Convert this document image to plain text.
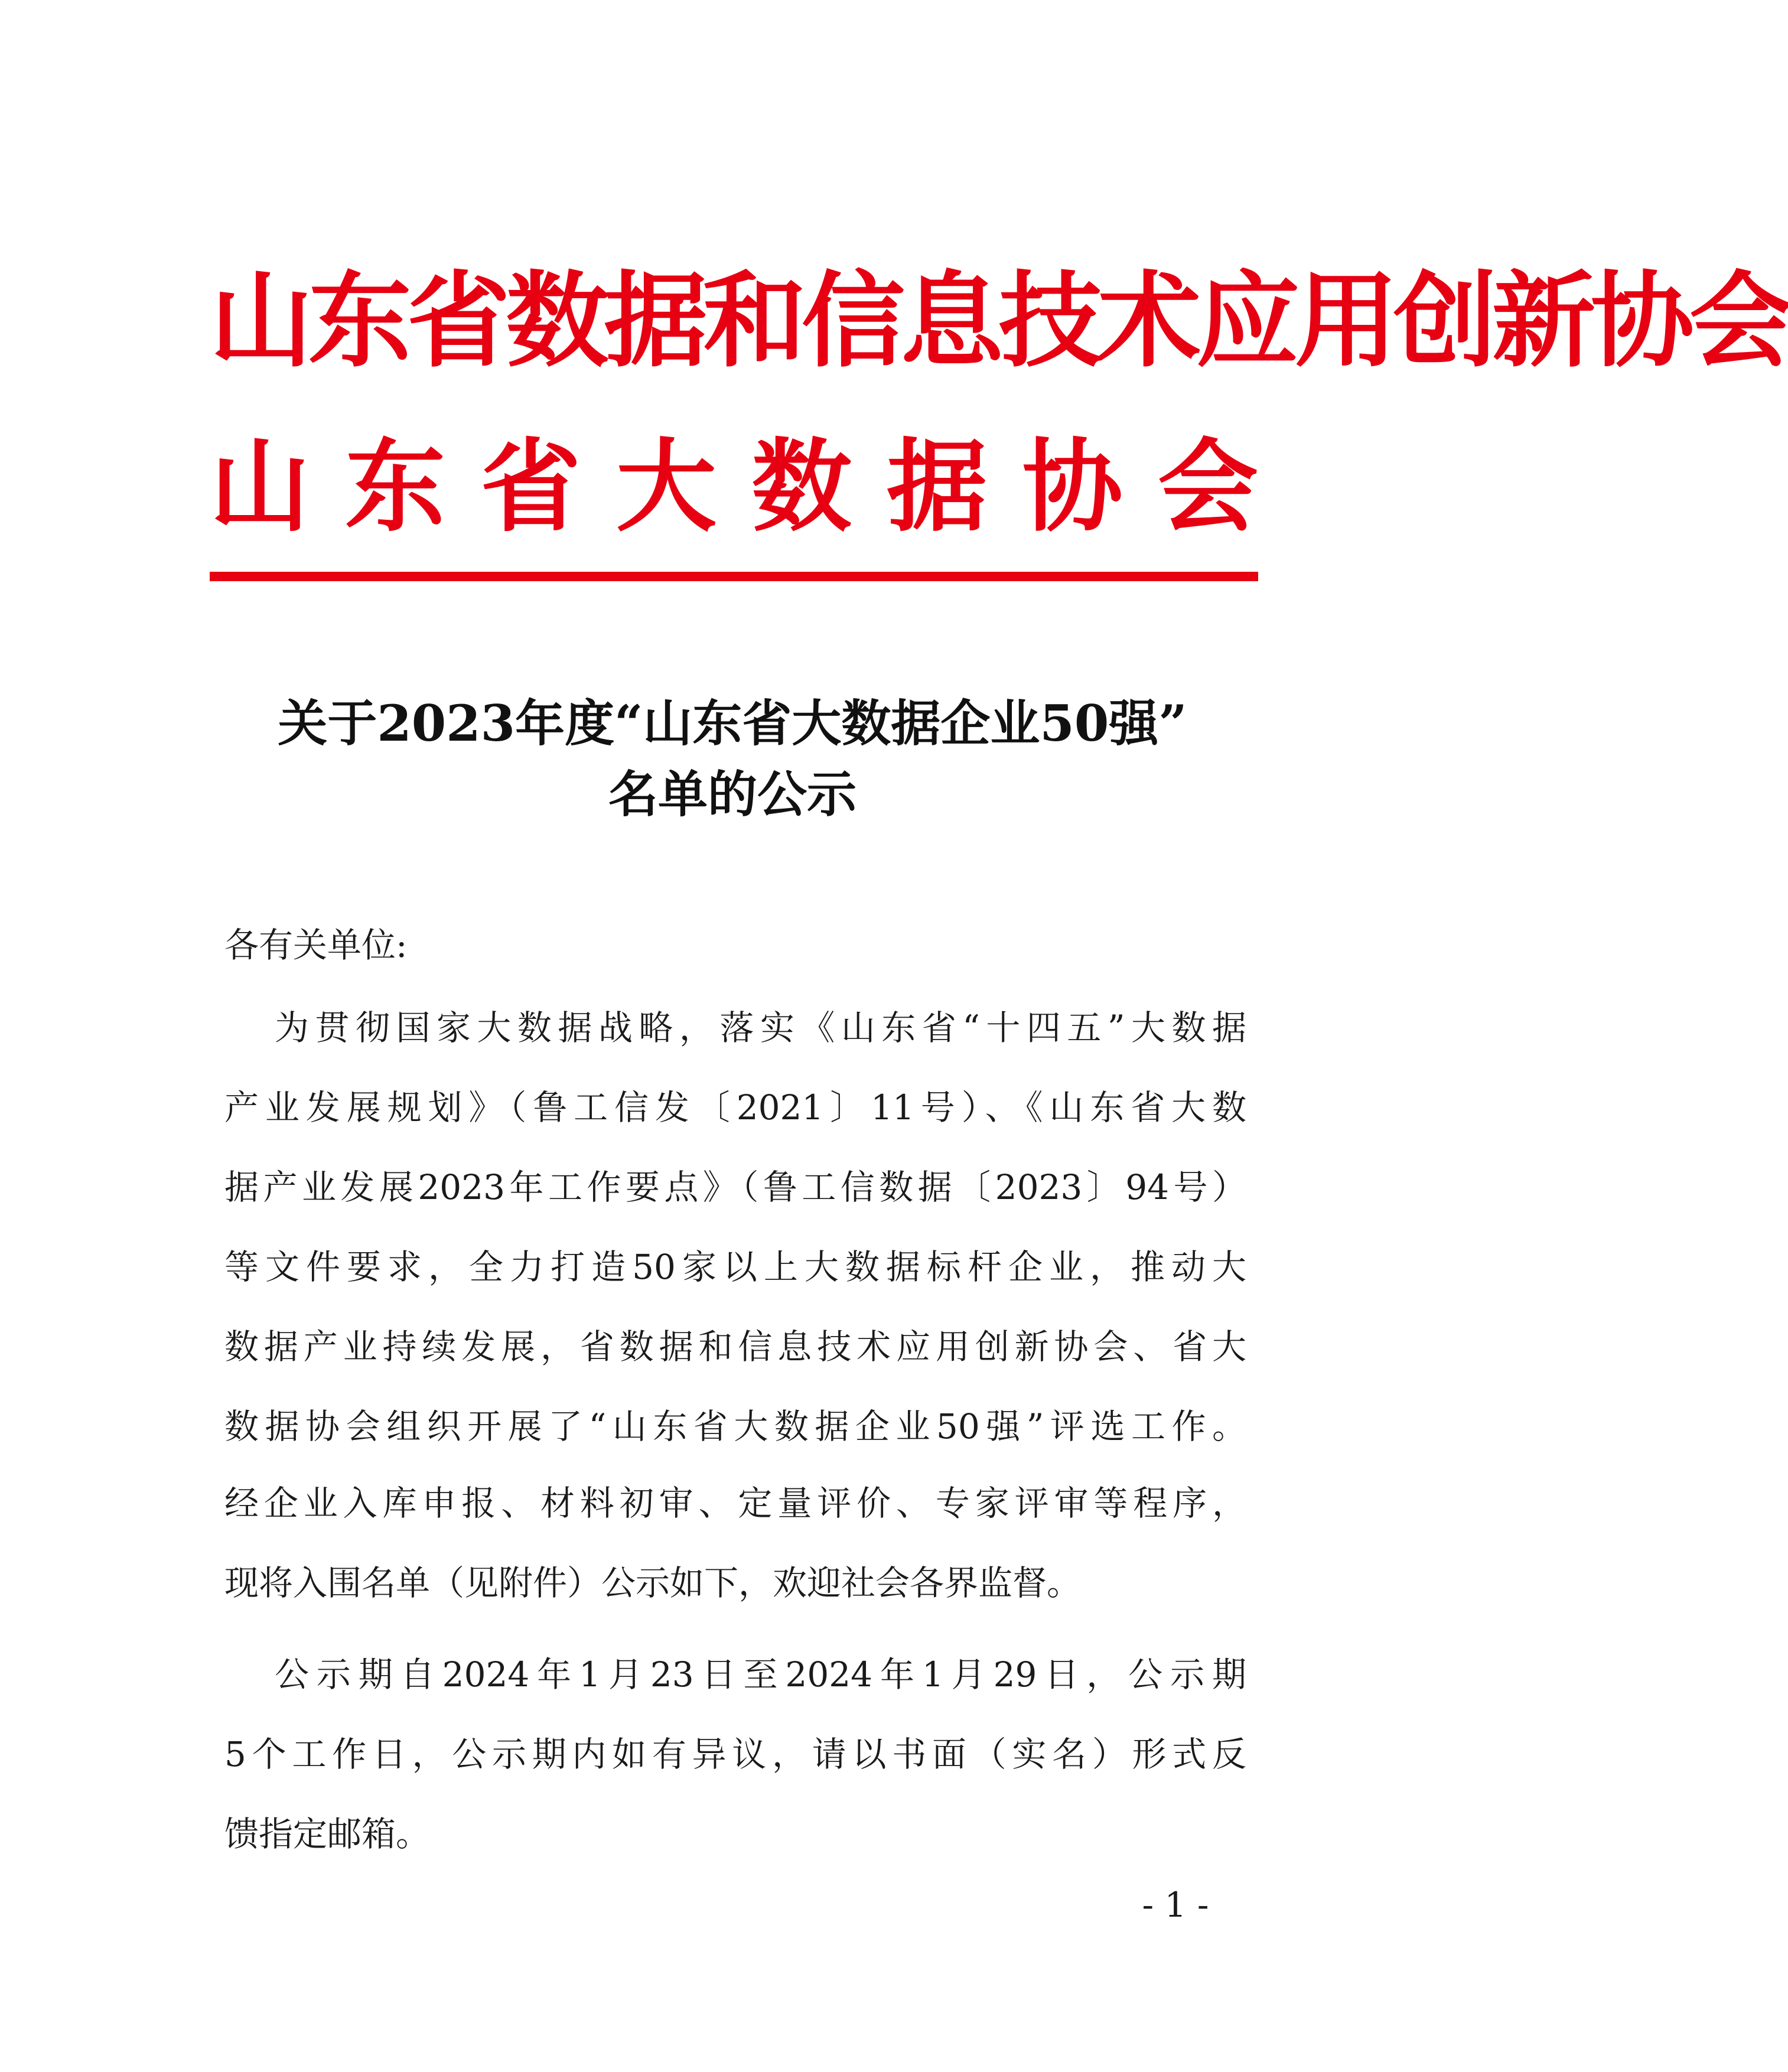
山东省数据和信息技术应用创新协会
山东省大数据协会
关于2023年度“山东省大数据企业50强”
名单的公示
各有关单位:
为贯彻国家大数据战略，落实《山东省“十四五”大数据
产业发展规划》（鲁工信发〔2021〕11号）、《山东省大数
据产业发展2023年工作要点》（鲁工信数据〔2023〕94号）
等文件要求，全力打造50家以上大数据标杆企业，推动大
数据产业持续发展，省数据和信息技术应用创新协会、省大
数据协会组织开展了“山东省大数据企业50强”评选工作。
经企业入库申报、材料初审、定量评价、专家评审等程序，
现将入围名单（见附件）公示如下，欢迎社会各界监督。
公示期自2024年1月23日至2024年1月29日，公示期
5个工作日，公示期内如有异议，请以书面（实名）形式反
馈指定邮箱。
- 1 -
